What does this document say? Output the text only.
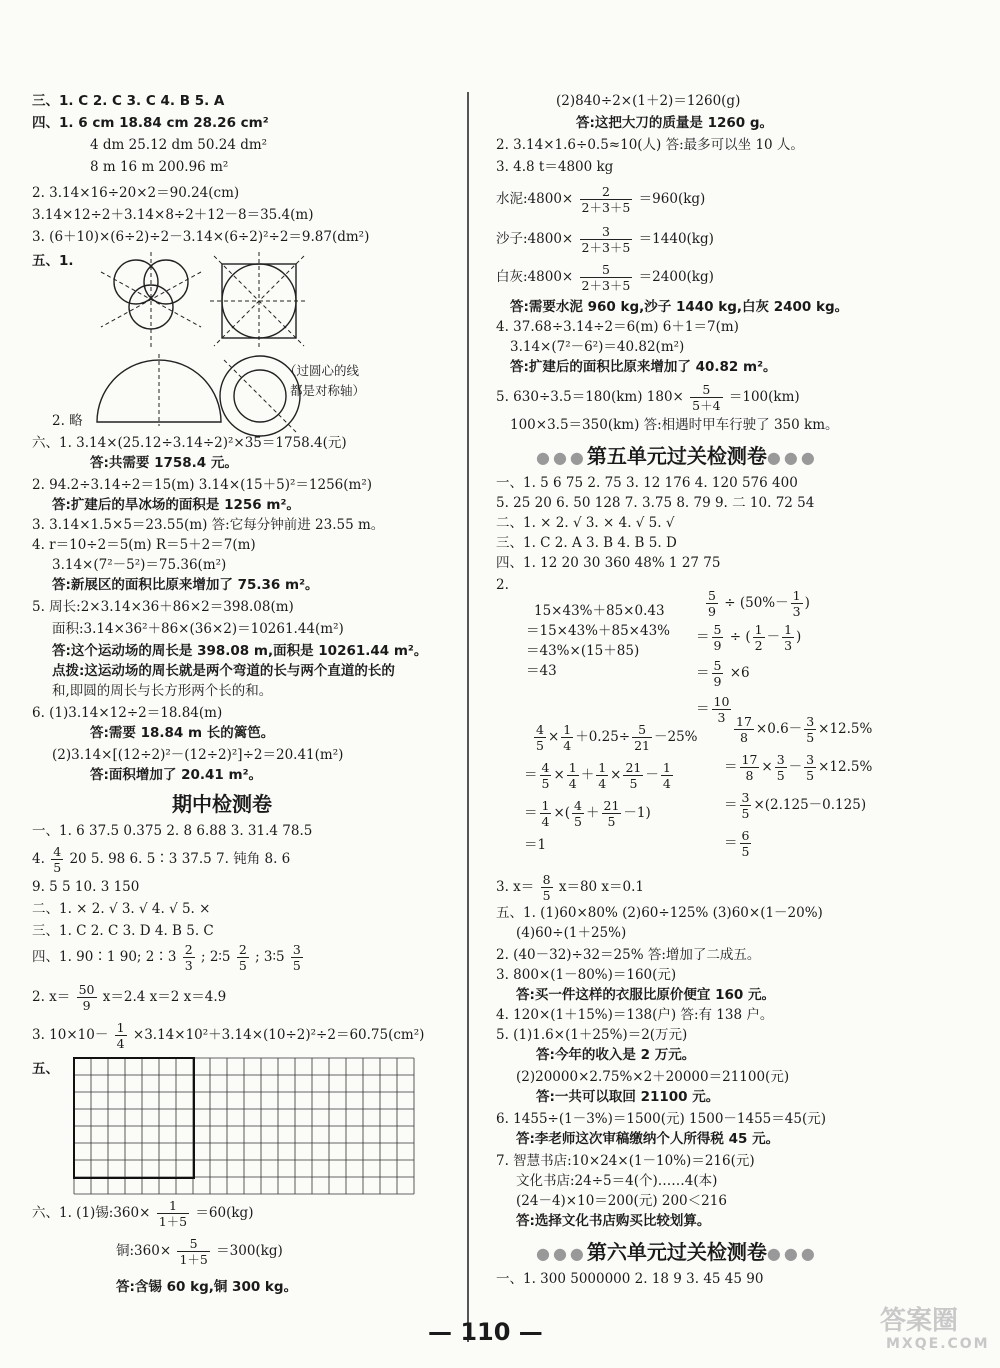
三、1. C 2. C 3. C 4. B 5. A
四、1. 6 cm 18.84 cm 28.26 cm²
4 dm 25.12 dm 50.24 dm²
8 m 16 m 200.96 m²
2. 3.14×16÷20×2＝90.24(cm)
3.14×12÷2＋3.14×8÷2＋12－8＝35.4(m)
3. (6＋10)×(6÷2)÷2－3.14×(6÷2)²÷2＝9.87(dm²)
五、1.
（过圆心的线
都是对称轴）
2. 略
六、1. 3.14×(25.12÷3.14÷2)²×35＝1758.4(元)
答:共需要 1758.4 元。
2. 94.2÷3.14÷2＝15(m) 3.14×(15＋5)²＝1256(m²)
答:扩建后的旱冰场的面积是 1256 m²。
3. 3.14×1.5×5＝23.55(m) 答:它每分钟前进 23.55 m。
4. r＝10÷2＝5(m) R＝5＋2＝7(m)
3.14×(7²－5²)＝75.36(m²)
答:新展区的面积比原来增加了 75.36 m²。
5. 周长:2×3.14×36＋86×2＝398.08(m)
面积:3.14×36²＋86×(36×2)＝10261.44(m²)
答:这个运动场的周长是 398.08 m,面积是 10261.44 m²。
点拨:这运动场的周长就是两个弯道的长与两个直道的长的
和,即圆的周长与长方形两个长的和。
6. (1)3.14×12÷2＝18.84(m)
答:需要 18.84 m 长的篱笆。
(2)3.14×[(12÷2)²－(12÷2)²]÷2＝20.41(m²)
答:面积增加了 20.41 m²。
期中检测卷
一、1. 6 37.5 0.375 2. 8 6.88 3. 31.4 78.5
4. $\frac{4}{5} 20$ 5. 98 6. 5∶3 37.5 7. 钝角 8. 6
9. 5 5 10. 3 150
二、1. × 2. √ 3. √ 4. √ 5. ×
三、1. C 2. C 3. D 4. B 5. C
四、1. 90∶1 90; 2∶3 $\frac{2}{3}$ ; 2∶5 $\frac{2}{5}$ ; 3∶5 $\frac{3}{5}$
2. $x= \frac{50}{9} x=2.4$ x＝2 x＝4.9
3. $10\times 10- \frac{1}{4} \times 3.14\times 10^2+3.14\times(10\div 2)^2\div 2=60.75(cm^2)$
五、
六、1. (1)锡:360× $\frac{1}{1+5} =60(kg)$
铜:360× $\frac{5}{1+5} =300(kg)$
答:含锡 60 kg,铜 300 kg。
(2)840÷2×(1＋2)＝1260(g)
答:这把大刀的质量是 1260 g。
2. 3.14×1.6÷0.5≈10(人) 答:最多可以坐 10 人。
3. 4.8 t＝4800 kg
水泥:4800× $\frac{2}{2+3+5} =960(kg)$
沙子:4800× $\frac{3}{2+3+5} =1440(kg)$
白灰:4800× $\frac{5}{2+3+5} =2400(kg)$
答:需要水泥 960 kg,沙子 1440 kg,白灰 2400 kg。
4. 37.68÷3.14÷2＝6(m) 6＋1＝7(m)
3.14×(7²－6²)＝40.82(m²)
答:扩建后的面积比原来增加了 40.82 m²。
5. 630÷3.5＝180(km) $180\times \frac{5}{5+4} =100(km)$
100×3.5＝350(km) 答:相遇时甲车行驶了 350 km。
●●●第五单元过关检测卷●●●
一、1. 5 6 75 2. 75 3. 12 176 4. 120 576 400
5. 25 20 6. 50 128 7. 3.75 8. 79 9. 二 10. 72 54
二、1. × 2. √ 3. × 4. √ 5. √
三、1. C 2. A 3. B 4. B 5. D
四、1. 12 20 30 360 48% 1 27 75
2.
15×43%＋85×0.43
＝15×43%＋85×43%
＝43%×(15＋85)
＝43
$\frac{5}{9} \div (50\%- \frac{1}{3}$ )
＝ $\frac{5}{9}$ ÷ ( $\frac{1}{2} - \frac{1}{3}$ )
＝ $\frac{5}{9} \times 6$
＝ $\frac{10}{3}$
$\frac{4}{5} \times \frac{1}{4} +0.25\div \frac{5}{21} -25\%$
＝ $\frac{4}{5} \times \frac{1}{4} + \frac{1}{4} \times \frac{21}{5} - \frac{1}{4}$
＝ $\frac{1}{4}$ ×( $\frac{4}{5} + \frac{21}{5} -1$)
＝1
$\frac{17}{8} \times 0.6- \frac{3}{5} \times 12.5\%$
＝ $\frac{17}{8} \times \frac{3}{5} - \frac{3}{5} \times 12.5\%$
＝ $\frac{3}{5} \times(2.125-0.125)$
＝ $\frac{6}{5}$
3. $x= \frac{8}{5} x=80$ x＝0.1
五、1. (1)60×80% (2)60÷125% (3)60×(1－20%)
(4)60÷(1＋25%)
2. (40－32)÷32＝25% 答:增加了二成五。
3. 800×(1－80%)＝160(元)
答:买一件这样的衣服比原价便宜 160 元。
4. 120×(1＋15%)＝138(户) 答:有 138 户。
5. (1)1.6×(1＋25%)＝2(万元)
答:今年的收入是 2 万元。
(2)20000×2.75%×2＋20000＝21100(元)
答:一共可以取回 21100 元。
6. 1455÷(1－3%)＝1500(元) 1500－1455＝45(元)
答:李老师这次审稿缴纳个人所得税 45 元。
7. 智慧书店:10×24×(1－10%)＝216(元)
文化书店:24÷5＝4(个)……4(本)
(24－4)×10＝200(元) 200＜216
答:选择文化书店购买比较划算。
●●●第六单元过关检测卷●●●
一、1. 300 5000000 2. 18 9 3. 45 45 90
— 110 —	答案圈
MXQE.COM
